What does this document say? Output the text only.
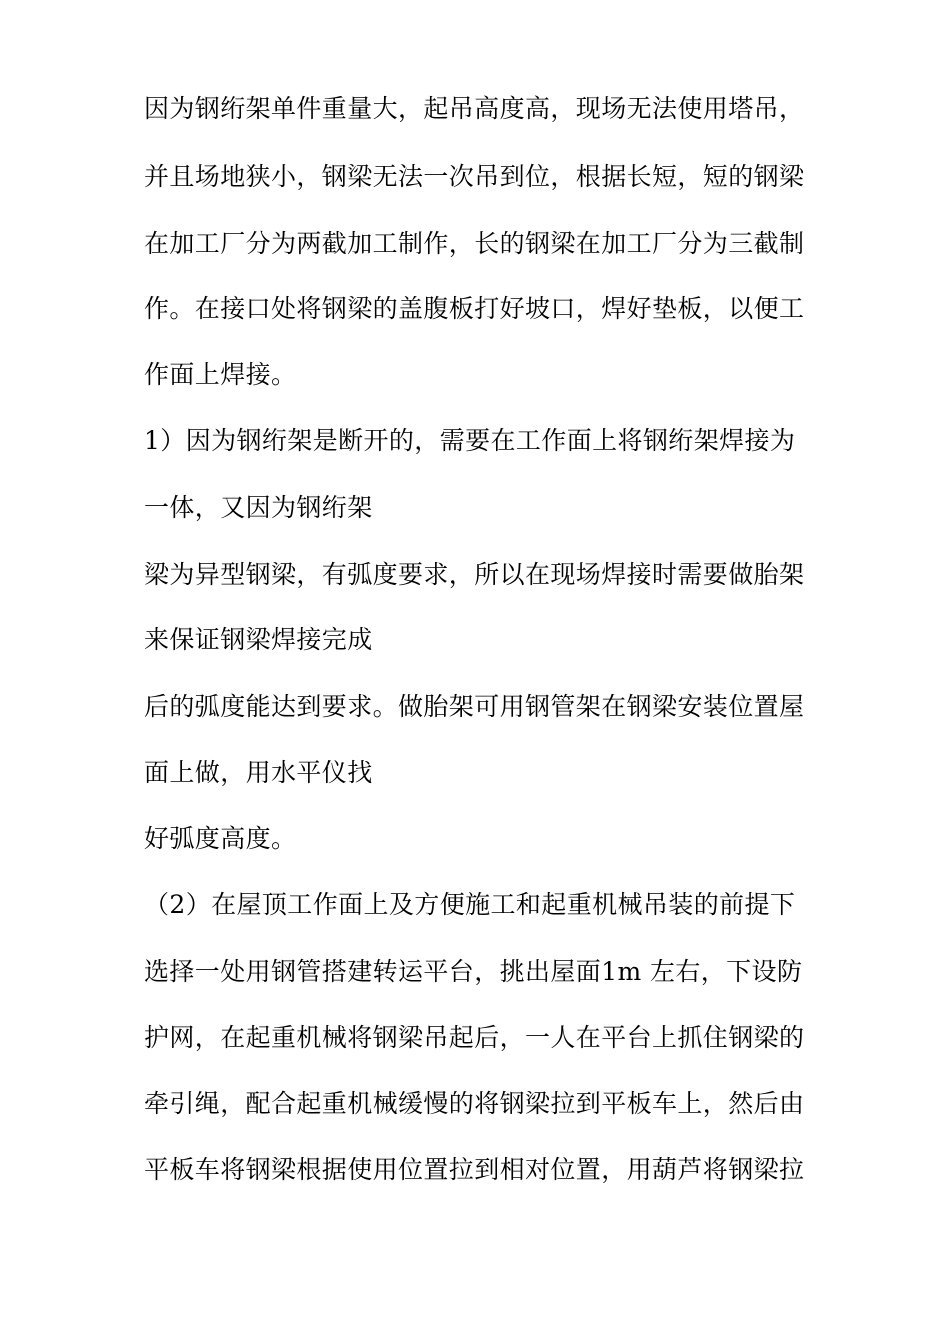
因为钢绗架单件重量大，起吊高度高，现场无法使用塔吊，
并且场地狭小，钢梁无法一次吊到位，根据长短，短的钢梁
在加工厂分为两截加工制作，长的钢梁在加工厂分为三截制
作。在接口处将钢梁的盖腹板打好坡口，焊好垫板，以便工
作面上焊接。
1）因为钢绗架是断开的，需要在工作面上将钢绗架焊接为
一体，又因为钢绗架
梁为异型钢梁，有弧度要求，所以在现场焊接时需要做胎架
来保证钢梁焊接完成
后的弧度能达到要求。做胎架可用钢管架在钢梁安装位置屋
面上做，用水平仪找
好弧度高度。
（2）在屋顶工作面上及方便施工和起重机械吊装的前提下
选择一处用钢管搭建转运平台，挑出屋面1m 左右，下设防
护网，在起重机械将钢梁吊起后，一人在平台上抓住钢梁的
牵引绳，配合起重机械缓慢的将钢梁拉到平板车上，然后由
平板车将钢梁根据使用位置拉到相对位置，用葫芦将钢梁拉
